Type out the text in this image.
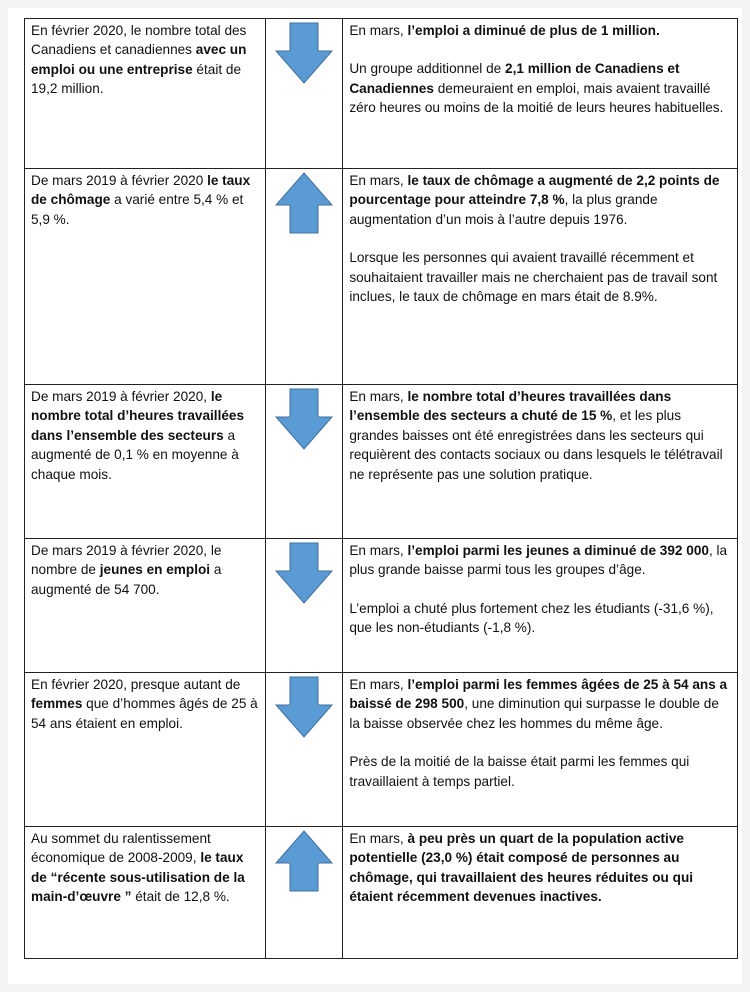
En février 2020, le nombre total des Canadiens et canadiennes avec un emploi ou une entreprise était de 19,2 million.		En mars, l’emploi a diminué de plus de 1 million.

Un groupe additionnel de 2,1 million de Canadiens et Canadiennes demeuraient en emploi, mais avaient travaillé zéro heures ou moins de la moitié de leurs heures habituelles.

De mars 2019 à février 2020 le taux de chômage a varié entre 5,4 % et 5,9 %.		En mars, le taux de chômage a augmenté de 2,2 points de pourcentage pour atteindre 7,8 %, la plus grande augmentation d’un mois à l’autre depuis 1976.

Lorsque les personnes qui avaient travaillé récemment et souhaitaient travailler mais ne cherchaient pas de travail sont inclues, le taux de chômage en mars était de 8.9%.

De mars 2019 à février 2020, le nombre total d’heures travaillées dans l’ensemble des secteurs a augmenté de 0,1 % en moyenne à chaque mois.		En mars, le nombre total d’heures travaillées dans l’ensemble des secteurs a chuté de 15 %, et les plus grandes baisses ont été enregistrées dans les secteurs qui requièrent des contacts sociaux ou dans lesquels le télétravail ne représente pas une solution pratique.

De mars 2019 à février 2020, le nombre de jeunes en emploi a augmenté de 54 700.		En mars, l’emploi parmi les jeunes a diminué de 392 000, la plus grande baisse parmi tous les groupes d’âge.

L’emploi a chuté plus fortement chez les étudiants (-31,6 %), que les non-étudiants (-1,8 %).

En février 2020, presque autant de femmes que d’hommes âgés de 25 à 54 ans étaient en emploi.		En mars, l’emploi parmi les femmes âgées de 25 à 54 ans a baissé de 298 500, une diminution qui surpasse le double de la baisse observée chez les hommes du même âge.

Près de la moitié de la baisse était parmi les femmes qui travaillaient à temps partiel.

Au sommet du ralentissement économique de 2008-2009, le taux de “récente sous-utilisation de la main-d’œuvre ” était de 12,8 %.		En mars, à peu près un quart de la population active potentielle (23,0 %) était composé de personnes au chômage, qui travaillaient des heures réduites ou qui étaient récemment devenues inactives.
